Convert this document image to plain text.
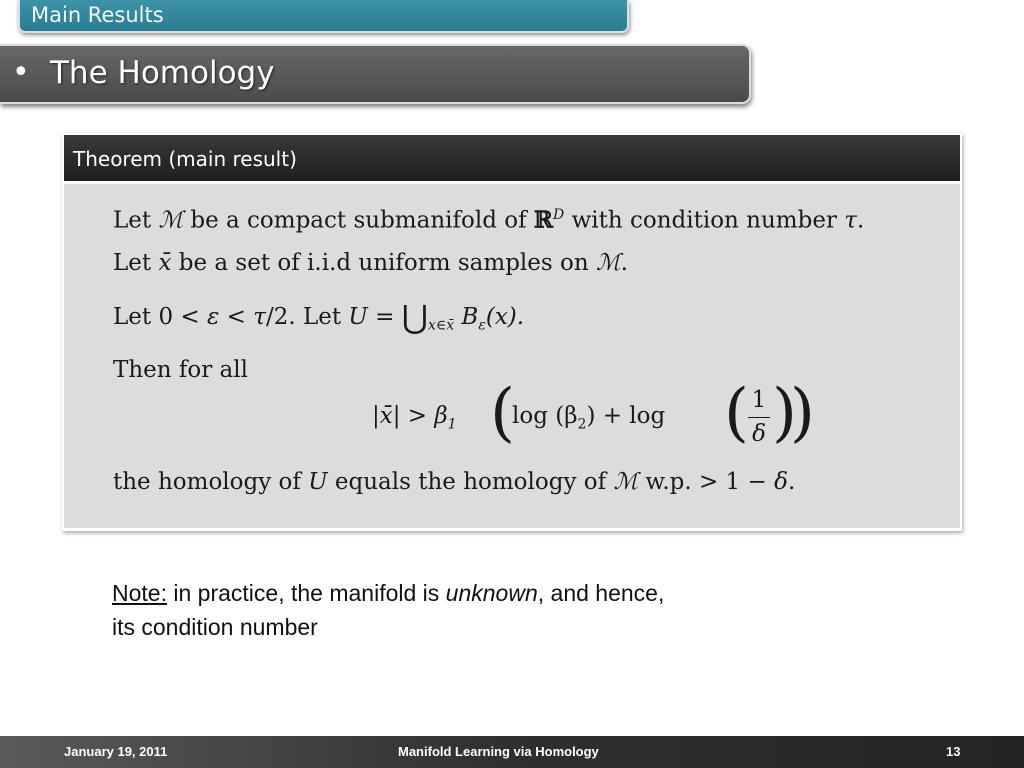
Main Results
• The Homology
Theorem (main result)
Let ℳ be a compact submanifold of ℝ$^D$ with condition number τ.
Let x̄ be a set of i.i.d uniform samples on ℳ.
Let 0 < ε < τ/2. Let $U = ⋃_{x\in x̄}$ $B_\varepsilon(x)$.
Then for all
|x̄| > $\beta_1$ (
$\log (\beta_2) + \log$ ( 1
δ )
)
the homology of U equals the homology of ℳ w.p. > 1 − δ.
Note: in practice, the manifold is unknown, and hence,
its condition number
January 19, 2011	Manifold Learning via Homology	13
